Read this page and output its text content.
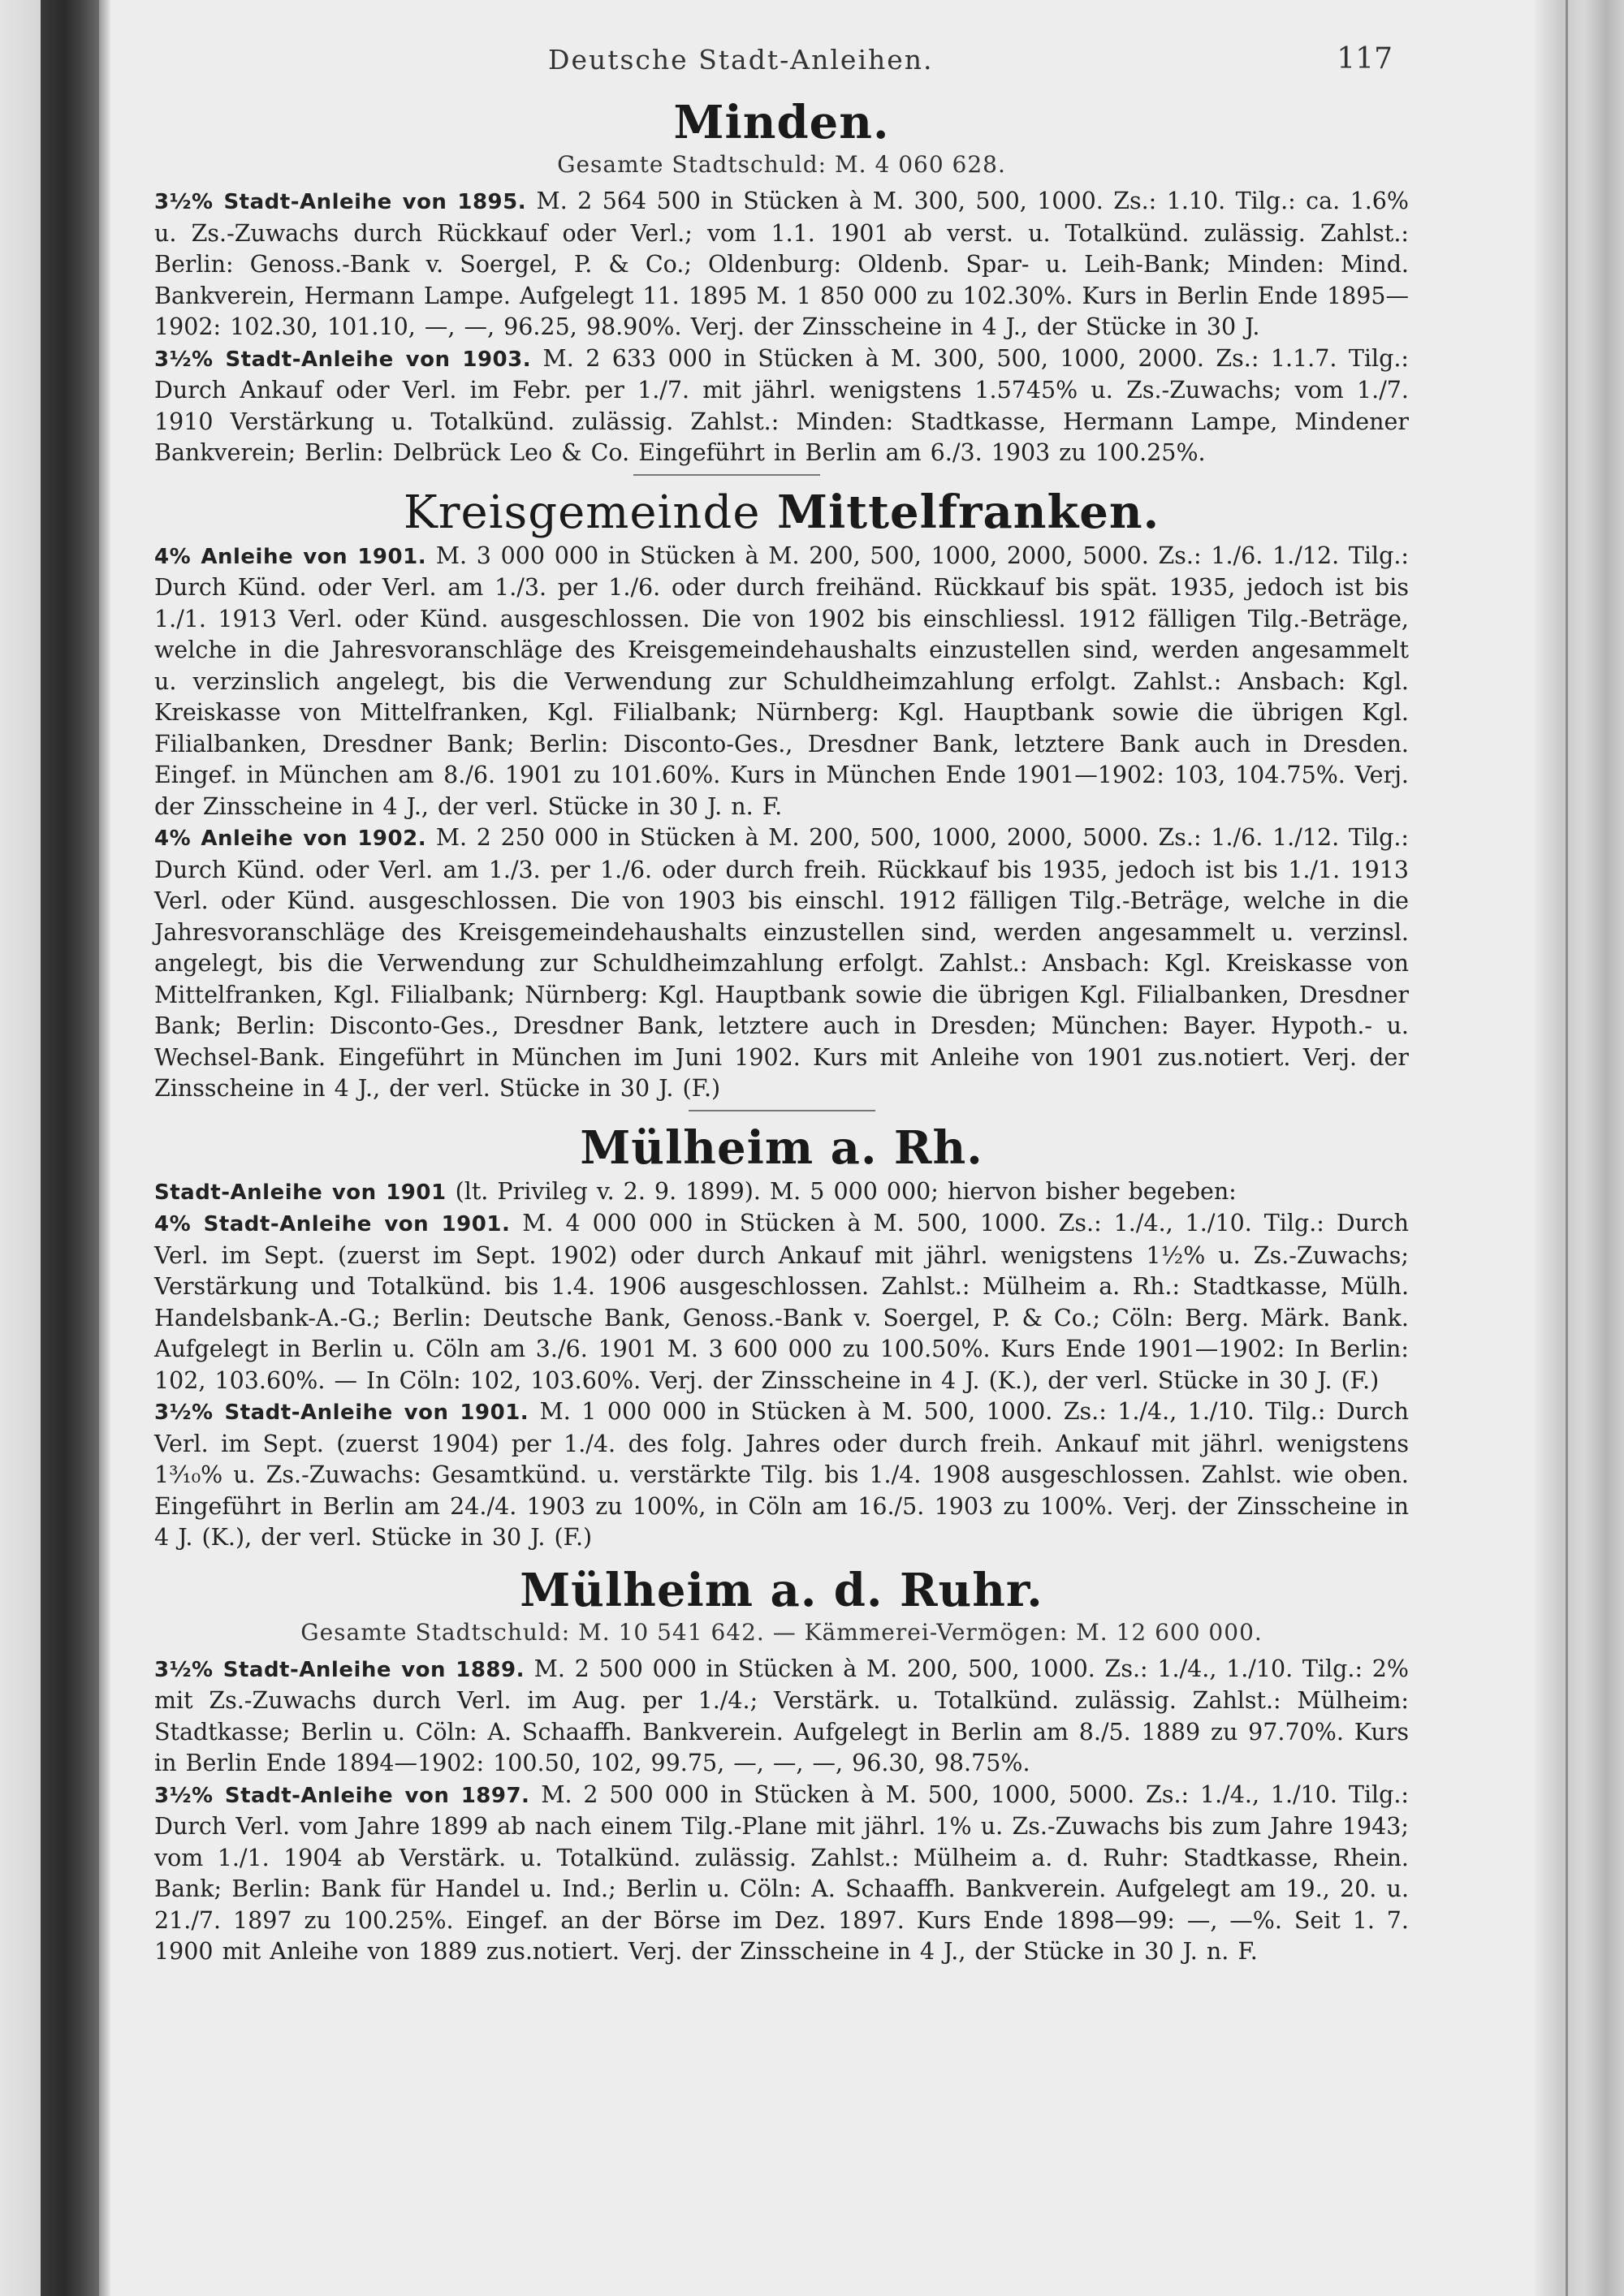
Deutsche Stadt-Anleihen.	117
Minden.
Gesamte Stadtschuld: M. 4 060 628.

3½% Stadt-Anleihe von 1895. M. 2 564 500 in Stücken à M. 300, 500, 1000. Zs.: 1.10. Tilg.: ca. 1.6% u. Zs.-Zuwachs durch Rückkauf oder Verl.; vom 1.1. 1901 ab verst. u. Totalkünd. zulässig. Zahlst.: Berlin: Genoss.-Bank v. Soergel, P. & Co.; Oldenburg: Oldenb. Spar- u. Leih-Bank; Minden: Mind. Bankverein, Hermann Lampe. Aufgelegt 11. 1895 M. 1 850 000 zu 102.30%. Kurs in Berlin Ende 1895—1902: 102.30, 101.10, —, —, 96.25, 98.90%. Verj. der Zinsscheine in 4 J., der Stücke in 30 J.

3½% Stadt-Anleihe von 1903. M. 2 633 000 in Stücken à M. 300, 500, 1000, 2000. Zs.: 1.1.7. Tilg.: Durch Ankauf oder Verl. im Febr. per 1./7. mit jährl. wenigstens 1.5745% u. Zs.-Zuwachs; vom 1./7. 1910 Verstärkung u. Totalkünd. zulässig. Zahlst.: Minden: Stadtkasse, Hermann Lampe, Mindener Bankverein; Berlin: Delbrück Leo & Co. Eingeführt in Berlin am 6./3. 1903 zu 100.25%.

Kreisgemeinde Mittelfranken.

4% Anleihe von 1901. M. 3 000 000 in Stücken à M. 200, 500, 1000, 2000, 5000. Zs.: 1./6. 1./12. Tilg.: Durch Künd. oder Verl. am 1./3. per 1./6. oder durch freihänd. Rückkauf bis spät. 1935, jedoch ist bis 1./1. 1913 Verl. oder Künd. ausgeschlossen. Die von 1902 bis einschliessl. 1912 fälligen Tilg.-Beträge, welche in die Jahresvoranschläge des Kreisgemeindehaushalts einzustellen sind, werden angesammelt u. verzinslich angelegt, bis die Verwendung zur Schuldheimzahlung erfolgt. Zahlst.: Ansbach: Kgl. Kreiskasse von Mittelfranken, Kgl. Filialbank; Nürnberg: Kgl. Hauptbank sowie die übrigen Kgl. Filialbanken, Dresdner Bank; Berlin: Disconto-Ges., Dresdner Bank, letztere Bank auch in Dresden. Eingef. in München am 8./6. 1901 zu 101.60%. Kurs in München Ende 1901—1902: 103, 104.75%. Verj. der Zinsscheine in 4 J., der verl. Stücke in 30 J. n. F.

4% Anleihe von 1902. M. 2 250 000 in Stücken à M. 200, 500, 1000, 2000, 5000. Zs.: 1./6. 1./12. Tilg.: Durch Künd. oder Verl. am 1./3. per 1./6. oder durch freih. Rückkauf bis 1935, jedoch ist bis 1./1. 1913 Verl. oder Künd. ausgeschlossen. Die von 1903 bis einschl. 1912 fälligen Tilg.-Beträge, welche in die Jahresvoranschläge des Kreisgemeindehaushalts einzustellen sind, werden angesammelt u. verzinsl. angelegt, bis die Verwendung zur Schuldheimzahlung erfolgt. Zahlst.: Ansbach: Kgl. Kreiskasse von Mittelfranken, Kgl. Filialbank; Nürnberg: Kgl. Hauptbank sowie die übrigen Kgl. Filialbanken, Dresdner Bank; Berlin: Disconto-Ges., Dresdner Bank, letztere auch in Dresden; München: Bayer. Hypoth.- u. Wechsel-Bank. Eingeführt in München im Juni 1902. Kurs mit Anleihe von 1901 zus.notiert. Verj. der Zinsscheine in 4 J., der verl. Stücke in 30 J. (F.)

Mülheim a. Rh.

Stadt-Anleihe von 1901 (lt. Privileg v. 2. 9. 1899). M. 5 000 000; hiervon bisher begeben:

4% Stadt-Anleihe von 1901. M. 4 000 000 in Stücken à M. 500, 1000. Zs.: 1./4., 1./10. Tilg.: Durch Verl. im Sept. (zuerst im Sept. 1902) oder durch Ankauf mit jährl. wenigstens 1½% u. Zs.-Zuwachs; Verstärkung und Totalkünd. bis 1.4. 1906 ausgeschlossen. Zahlst.: Mülheim a. Rh.: Stadtkasse, Mülh. Handelsbank-A.-G.; Berlin: Deutsche Bank, Genoss.-Bank v. Soergel, P. & Co.; Cöln: Berg. Märk. Bank. Aufgelegt in Berlin u. Cöln am 3./6. 1901 M. 3 600 000 zu 100.50%. Kurs Ende 1901—1902: In Berlin: 102, 103.60%. — In Cöln: 102, 103.60%. Verj. der Zinsscheine in 4 J. (K.), der verl. Stücke in 30 J. (F.)

3½% Stadt-Anleihe von 1901. M. 1 000 000 in Stücken à M. 500, 1000. Zs.: 1./4., 1./10. Tilg.: Durch Verl. im Sept. (zuerst 1904) per 1./4. des folg. Jahres oder durch freih. Ankauf mit jährl. wenigstens 1³⁄₁₀% u. Zs.-Zuwachs: Gesamtkünd. u. verstärkte Tilg. bis 1./4. 1908 ausgeschlossen. Zahlst. wie oben. Eingeführt in Berlin am 24./4. 1903 zu 100%, in Cöln am 16./5. 1903 zu 100%. Verj. der Zinsscheine in 4 J. (K.), der verl. Stücke in 30 J. (F.)

Mülheim a. d. Ruhr.
Gesamte Stadtschuld: M. 10 541 642. — Kämmerei-Vermögen: M. 12 600 000.

3½% Stadt-Anleihe von 1889. M. 2 500 000 in Stücken à M. 200, 500, 1000. Zs.: 1./4., 1./10. Tilg.: 2% mit Zs.-Zuwachs durch Verl. im Aug. per 1./4.; Verstärk. u. Totalkünd. zulässig. Zahlst.: Mülheim: Stadtkasse; Berlin u. Cöln: A. Schaaffh. Bankverein. Aufgelegt in Berlin am 8./5. 1889 zu 97.70%. Kurs in Berlin Ende 1894—1902: 100.50, 102, 99.75, —, —, —, 96.30, 98.75%.

3½% Stadt-Anleihe von 1897. M. 2 500 000 in Stücken à M. 500, 1000, 5000. Zs.: 1./4., 1./10. Tilg.: Durch Verl. vom Jahre 1899 ab nach einem Tilg.-Plane mit jährl. 1% u. Zs.-Zuwachs bis zum Jahre 1943; vom 1./1. 1904 ab Verstärk. u. Totalkünd. zulässig. Zahlst.: Mülheim a. d. Ruhr: Stadtkasse, Rhein. Bank; Berlin: Bank für Handel u. Ind.; Berlin u. Cöln: A. Schaaffh. Bankverein. Aufgelegt am 19., 20. u. 21./7. 1897 zu 100.25%. Eingef. an der Börse im Dez. 1897. Kurs Ende 1898—99: —, —%. Seit 1. 7. 1900 mit Anleihe von 1889 zus.notiert. Verj. der Zinsscheine in 4 J., der Stücke in 30 J. n. F.
